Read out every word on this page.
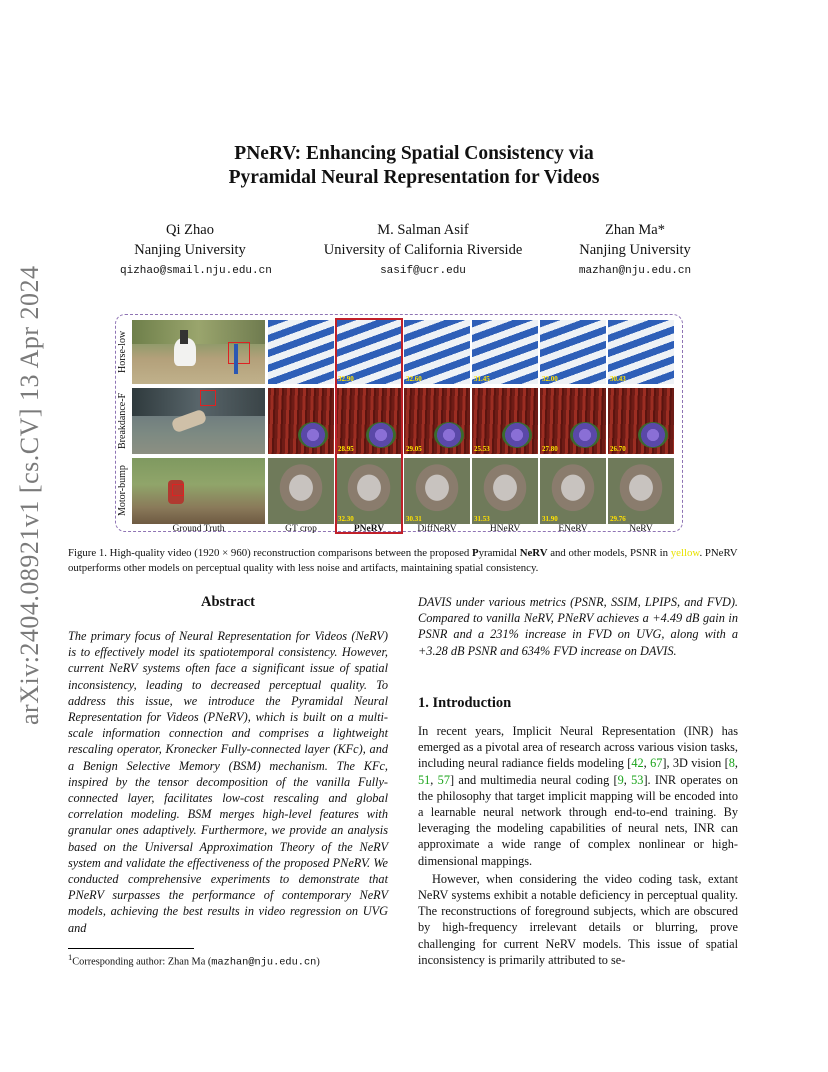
arXiv:2404.08921v1 [cs.CV] 13 Apr 2024
PNeRV: Enhancing Spatial Consistency via
Pyramidal Neural Representation for Videos
Qi Zhao
Nanjing University
qizhao@smail.nju.edu.cn
M. Salman Asif
University of California Riverside
sasif@ucr.edu
Zhan Ma*
Nanjing University
mazhan@nju.edu.cn
Horse-low
Breakdance-F
Motor-bump
32.90	32.60	31.45	32.00	30.43
28.95	29.05	25.53	27.80	26.70
32.30	30.31	31.53	31.90	29.76
Ground Truth	GT crop	PNeRV	DiffNeRV	HNeRV	ENeRV	NeRV
Figure 1. High-quality video (1920 × 960) reconstruction comparisons between the proposed Pyramidal NeRV and other models, PSNR in yellow. PNeRV outperforms other models on perceptual quality with less noise and artifacts, maintaining spatial consistency.
Abstract
The primary focus of Neural Representation for Videos (NeRV) is to effectively model its spatiotemporal consistency. However, current NeRV systems often face a significant issue of spatial inconsistency, leading to decreased perceptual quality. To address this issue, we introduce the Pyramidal Neural Representation for Videos (PNeRV), which is built on a multi-scale information connection and comprises a lightweight rescaling operator, Kronecker Fully-connected layer (KFc), and a Benign Selective Memory (BSM) mechanism. The KFc, inspired by the tensor decomposition of the vanilla Fully-connected layer, facilitates low-cost rescaling and global correlation modeling. BSM merges high-level features with granular ones adaptively. Furthermore, we provide an analysis based on the Universal Approximation Theory of the NeRV system and validate the effectiveness of the proposed PNeRV. We conducted comprehensive experiments to demonstrate that PNeRV surpasses the performance of contemporary NeRV models, achieving the best results in video regression on UVG and
DAVIS under various metrics (PSNR, SSIM, LPIPS, and FVD). Compared to vanilla NeRV, PNeRV achieves a +4.49 dB gain in PSNR and a 231% increase in FVD on UVG, along with a +3.28 dB PSNR and 634% FVD increase on DAVIS.
1. Introduction

In recent years, Implicit Neural Representation (INR) has emerged as a pivotal area of research across various vision tasks, including neural radiance fields modeling [42, 67], 3D vision [8, 51, 57] and multimedia neural coding [9, 53]. INR operates on the philosophy that target implicit mapping will be encoded into a learnable neural network through end-to-end training. By leveraging the modeling capabilities of neural nets, INR can approximate a wide range of complex nonlinear or high-dimensional mappings.

However, when considering the video coding task, extant NeRV systems exhibit a notable deficiency in perceptual quality. The reconstructions of foreground subjects, which are obscured by high-frequency irrelevant details or blurring, prove challenging for current NeRV models. This issue of spatial inconsistency is primarily attributed to se-

$^1$Corresponding author: Zhan Ma (mazhan@nju.edu.cn)
